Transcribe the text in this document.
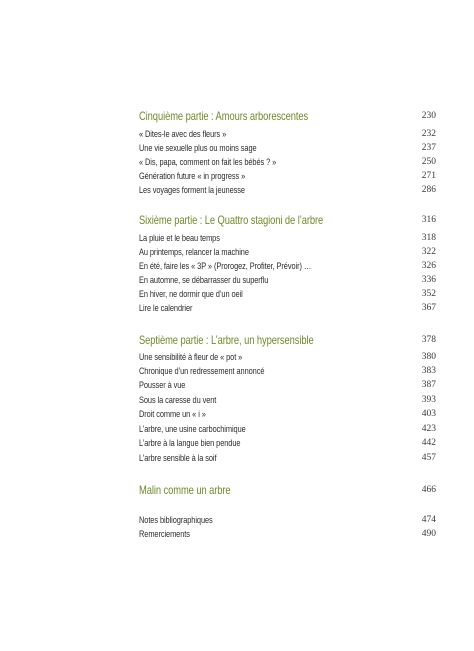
Cinquième partie : Amours arborescentes	230
« Dites-le avec des fleurs »	232
Une vie sexuelle plus ou moins sage	237
« Dis, papa, comment on fait les bébés ? »	250
Génération future « in progress »	271
Les voyages forment la jeunesse	286
Sixième partie : Le Quattro stagioni de l’arbre	316
La pluie et le beau temps	318
Au printemps, relancer la machine	322
En été, faire les « 3P » (Prorogez, Profiter, Prévoir) …	326
En automne, se débarrasser du superflu	336
En hiver, ne dormir que d’un oeil	352
Lire le calendrier	367
Septième partie : L’arbre, un hypersensible	378
Une sensibilité à fleur de « pot »	380
Chronique d’un redressement annoncé	383
Pousser à vue	387
Sous la caresse du vent	393
Droit comme un « i »	403
L’arbre, une usine carbochimique	423
L’arbre à la langue bien pendue	442
L’arbre sensible à la soif	457
Malin comme un arbre	466
Notes bibliographiques	474
Remerciements	490
